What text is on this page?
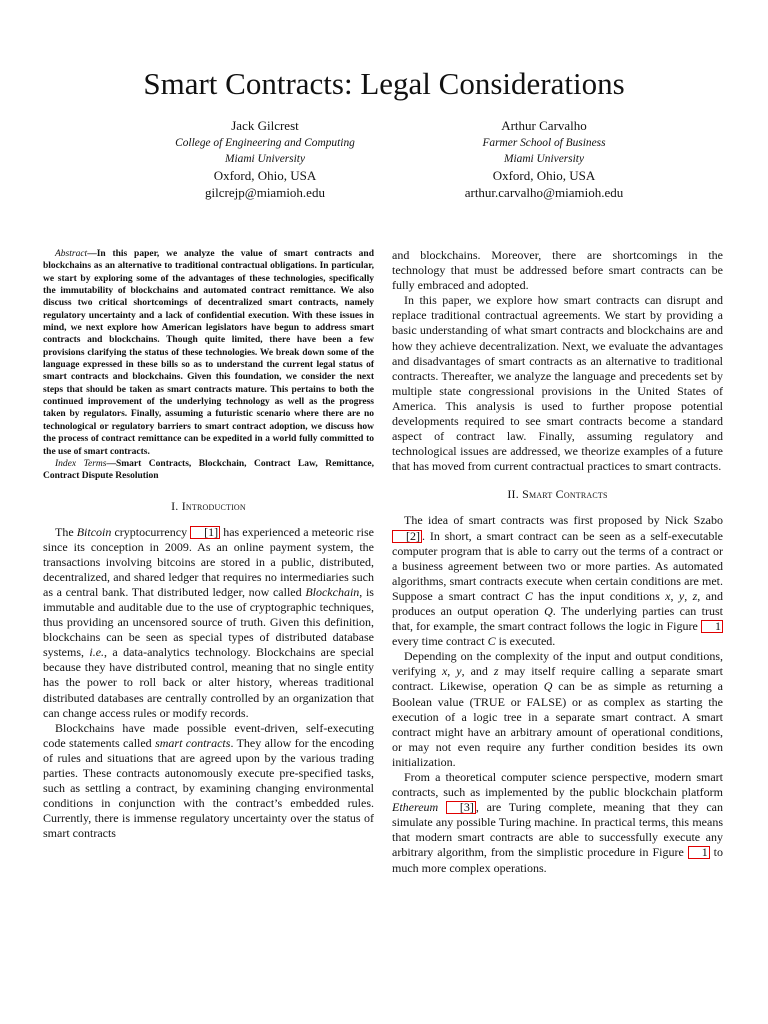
Smart Contracts: Legal Considerations
Jack Gilcrest
College of Engineering and Computing
Miami University
Oxford, Ohio, USA
gilcrejp@miamioh.edu
Arthur Carvalho
Farmer School of Business
Miami University
Oxford, Ohio, USA
arthur.carvalho@miamioh.edu

Abstract—In this paper, we analyze the value of smart contracts and blockchains as an alternative to traditional contractual obligations. In particular, we start by exploring some of the advantages of these technologies, specifically the immutability of blockchains and automated contract remittance. We also discuss two critical shortcomings of decentralized smart contracts, namely regulatory uncertainty and a lack of confidential execution. With these issues in mind, we next explore how American legislators have begun to address smart contracts and blockchains. Though quite limited, there have been a few provisions clarifying the status of these technologies. We break down some of the language expressed in these bills so as to understand the current legal status of smart contracts and blockchains. Given this foundation, we consider the next steps that should be taken as smart contracts mature. This pertains to both the continued improvement of the underlying technology as well as the progress taken by regulators. Finally, assuming a futuristic scenario where there are no technological or regulatory barriers to smart contract adoption, we discuss how the process of contract remittance can be expedited in a world fully committed to the use of smart contracts.

Index Terms—Smart Contracts, Blockchain, Contract Law, Remittance, Contract Dispute Resolution

I. Introduction

The Bitcoin cryptocurrency [1] has experienced a meteoric rise since its conception in 2009. As an online payment system, the transactions involving bitcoins are stored in a public, distributed, decentralized, and shared ledger that requires no intermediaries such as a central bank. That distributed ledger, now called Blockchain, is immutable and auditable due to the use of cryptographic techniques, thus providing an uncensored source of truth. Given this definition, blockchains can be seen as special types of distributed database systems, i.e., a data-analytics technology. Blockchains are special because they have distributed control, meaning that no single entity has the power to roll back or alter history, whereas traditional distributed databases are centrally controlled by an organization that can change access rules or modify records.

Blockchains have made possible event-driven, self-executing code statements called smart contracts. They allow for the encoding of rules and situations that are agreed upon by the various trading parties. These contracts autonomously execute pre-specified tasks, such as settling a contract, by examining changing environmental conditions in conjunction with the contract’s embedded rules. Currently, there is immense regulatory uncertainty over the status of smart contracts

and blockchains. Moreover, there are shortcomings in the technology that must be addressed before smart contracts can be fully embraced and adopted.

In this paper, we explore how smart contracts can disrupt and replace traditional contractual agreements. We start by providing a basic understanding of what smart contracts and blockchains are and how they achieve decentralization. Next, we evaluate the advantages and disadvantages of smart contracts as an alternative to traditional contracts. Thereafter, we analyze the language and precedents set by multiple state congressional provisions in the United States of America. This analysis is used to further propose potential developments required to see smart contracts become a standard aspect of contract law. Finally, assuming regulatory and technological issues are addressed, we theorize examples of a future that has moved from current contractual practices to smart contracts.

II. Smart Contracts

The idea of smart contracts was first proposed by Nick Szabo [2] . In short, a smart contract can be seen as a self-executable computer program that is able to carry out the terms of a contract or a business agreement between two or more parties. As automated algorithms, smart contracts execute when certain conditions are met. Suppose a smart contract C has the input conditions x, y, z, and produces an output operation Q. The underlying parties can trust that, for example, the smart contract follows the logic in Figure 1 every time contract C is executed.

Depending on the complexity of the input and output conditions, verifying x, y, and z may itself require calling a separate smart contract. Likewise, operation Q can be as simple as returning a Boolean value (TRUE or FALSE) or as complex as starting the execution of a logic tree in a separate smart contract. A smart contract might have an arbitrary amount of operational conditions, or may not even require any further condition besides its own initialization.

From a theoretical computer science perspective, modern smart contracts, such as implemented by the public blockchain platform Ethereum [3] , are Turing complete, meaning that they can simulate any possible Turing machine. In practical terms, this means that modern smart contracts are able to successfully execute any arbitrary algorithm, from the simplistic procedure in Figure 1 to much more complex operations.
